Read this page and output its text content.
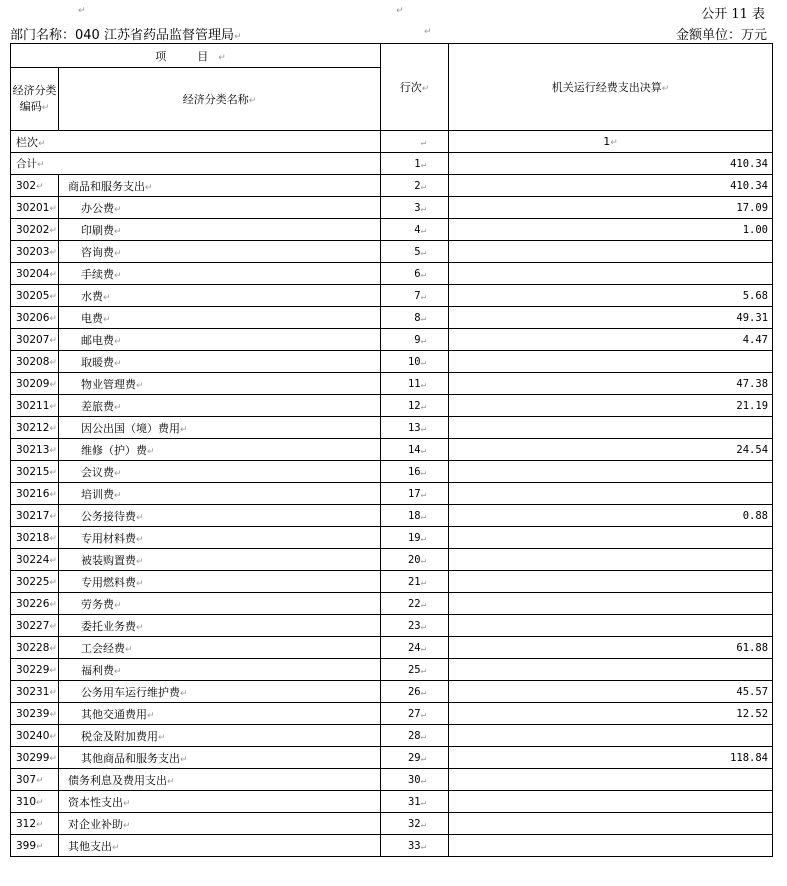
↵	↵	公开 11 表
部门名称：040 江苏省药品监督管理局↵	↵	金额单位：万元
项　目↵		行次↵	机关运行经费支出决算↵
经济分类编码↵	经济分类名称↵		
栏次↵		↵	1↵
合计↵		1↵	410.34
302↵	商品和服务支出↵	2↵	410.34
30201↵	办公费↵	3↵	17.09
30202↵	印刷费↵	4↵	1.00
30203↵	咨询费↵	5↵	
30204↵	手续费↵	6↵	
30205↵	水费↵	7↵	5.68
30206↵	电费↵	8↵	49.31
30207↵	邮电费↵	9↵	4.47
30208↵	取暖费↵	10↵	
30209↵	物业管理费↵	11↵	47.38
30211↵	差旅费↵	12↵	21.19
30212↵	因公出国（境）费用↵	13↵	
30213↵	维修（护）费↵	14↵	24.54
30215↵	会议费↵	16↵	
30216↵	培训费↵	17↵	
30217↵	公务接待费↵	18↵	0.88
30218↵	专用材料费↵	19↵	
30224↵	被装购置费↵	20↵	
30225↵	专用燃料费↵	21↵	
30226↵	劳务费↵	22↵	
30227↵	委托业务费↵	23↵	
30228↵	工会经费↵	24↵	61.88
30229↵	福利费↵	25↵	
30231↵	公务用车运行维护费↵	26↵	45.57
30239↵	其他交通费用↵	27↵	12.52
30240↵	税金及附加费用↵	28↵	
30299↵	其他商品和服务支出↵	29↵	118.84
307↵	债务利息及费用支出↵	30↵	
310↵	资本性支出↵	31↵	
312↵	对企业补助↵	32↵	
399↵	其他支出↵	33↵	
